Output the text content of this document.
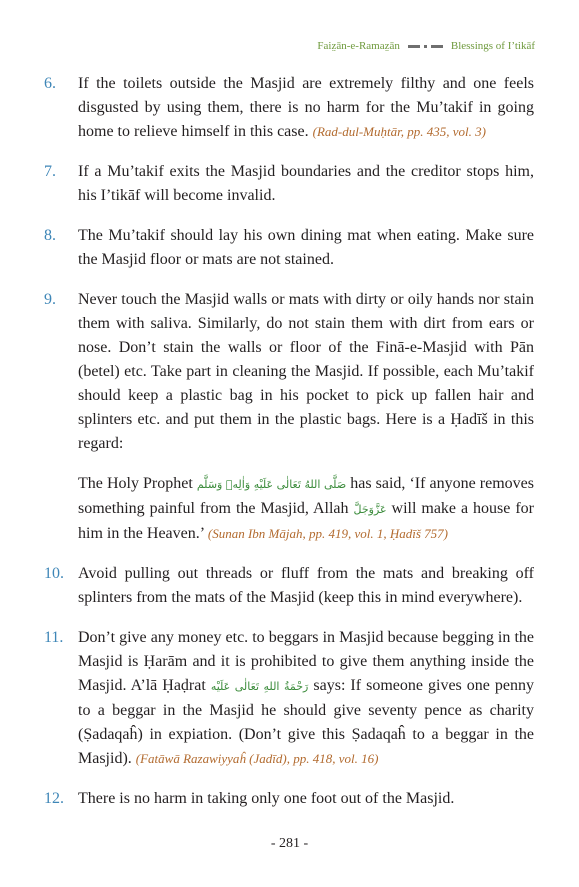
Faiz̤ān-e-Ramaz̤ān	Blessings of I’tikāf
6.	If the toilets outside the Masjid are extremely filthy and one feels disgusted by using them, there is no harm for the Mu’takif in going home to relieve himself in this case. (Rad-dul-Muḥtār, pp. 435, vol. 3)
7.	If a Mu’takif exits the Masjid boundaries and the creditor stops him, his I’tikāf will become invalid.
8.	The Mu’takif should lay his own dining mat when eating. Make sure the Masjid floor or mats are not stained.
9.	Never touch the Masjid walls or mats with dirty or oily hands nor stain them with saliva. Similarly, do not stain them with dirt from ears or nose. Don’t stain the walls or floor of the Finā-e-Masjid with Pān (betel) etc. Take part in cleaning the Masjid. If possible, each Mu’takif should keep a plastic bag in his pocket to pick up fallen hair and splinters etc. and put them in the plastic bags. Here is a Ḥadīš in this regard:
The Holy Prophet صَلَّى اللهُ تَعَالٰى عَلَيْهِ وَاٰلِهٖ وَسَلَّم has said, ‘If anyone removes something painful from the Masjid, Allah عَزَّوَجَلَّ will make a house for him in the Heaven.’ (Sunan Ibn Mājah, pp. 419, vol. 1, Ḥadīš 757)
10. Avoid pulling out threads or fluff from the mats and breaking off splinters from the mats of the Masjid (keep this in mind everywhere).
11. Don’t give any money etc. to beggars in Masjid because begging in the Masjid is Ḥarām and it is prohibited to give them anything inside the Masjid. A’lā Ḥaḍrat رَحْمَةُ اللهِ تَعَالٰى عَلَيْه says: If someone gives one penny to a beggar in the Masjid he should give seventy pence as charity (Ṣadaqaĥ) in expiation. (Don’t give this Ṣadaqaĥ to a beggar in the Masjid). (Fatāwā Razawiyyaĥ (Jadīd), pp. 418, vol. 16)
12. There is no harm in taking only one foot out of the Masjid.
- 281 -
